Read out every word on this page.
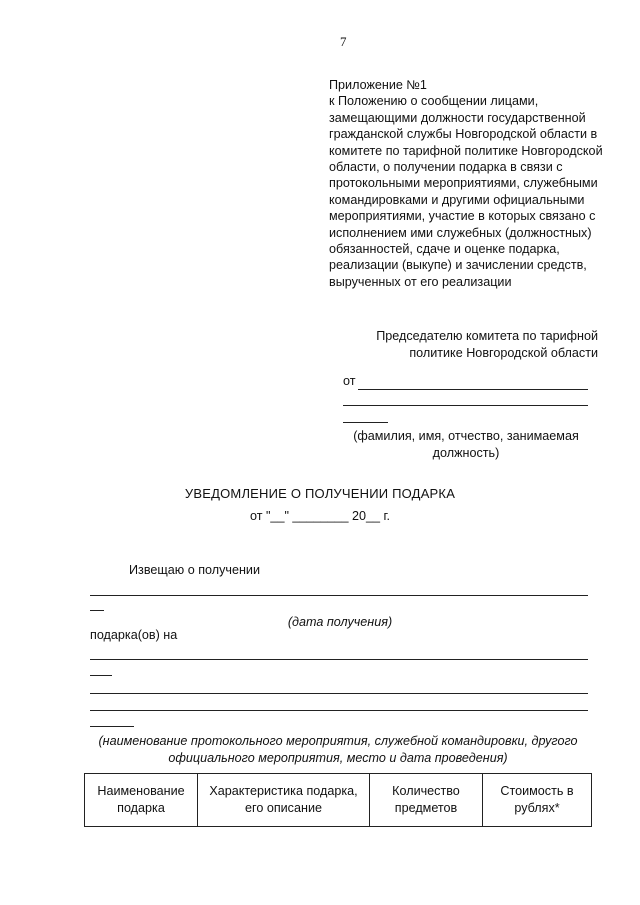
7
Приложение №1
к Положению о сообщении лицами, замещающими должности государственной гражданской службы Новгородской области в комитете по тарифной политике Новгородской области, о получении подарка в связи с протокольными мероприятиями, служебными командировками и другими официальными мероприятиями, участие в которых связано с исполнением ими служебных (должностных) обязанностей, сдаче и оценке подарка, реализации (выкупе) и зачислении средств, вырученных от его реализации
Председателю комитета по тарифной политике Новгородской области
от
(фамилия, имя, отчество, занимаемая должность)
УВЕДОМЛЕНИЕ О ПОЛУЧЕНИИ ПОДАРКА
от "__" ________ 20__ г.
Извещаю о получении
(дата получения)
подарка(ов) на
(наименование протокольного мероприятия, служебной командировки, другого официального мероприятия, место и дата проведения)
Наименование подарка	Характеристика подарка, его описание	Количество предметов	Стоимость в рублях*
